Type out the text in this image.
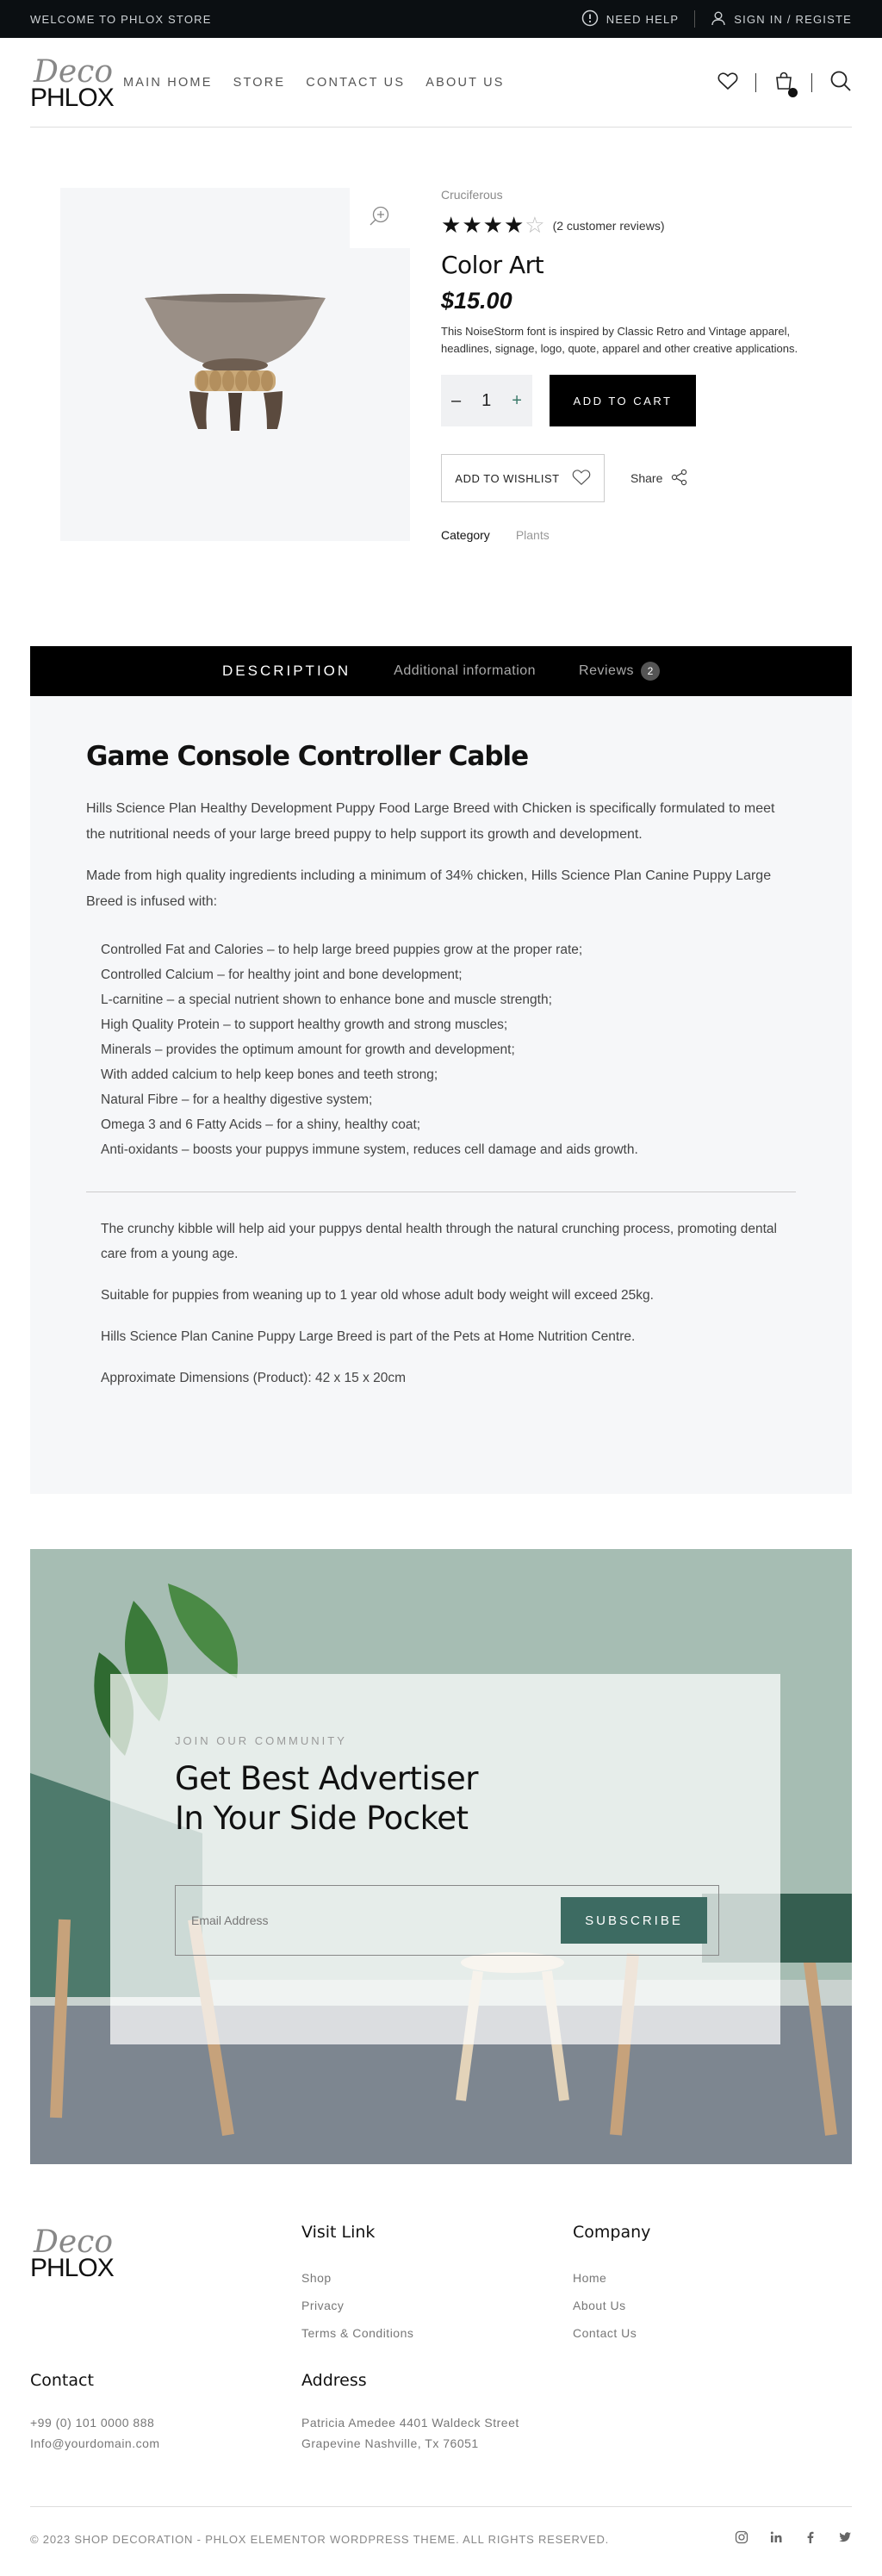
WELCOME TO PHLOX STORE	NEED HELP	SIGN IN / REGISTE
Deco
PHLOX
MAIN HOME STORE CONTACT US ABOUT US
Cruciferous
★★★★☆ (2 customer reviews)
Color Art
$15.00
This NoiseStorm font is inspired by Classic Retro and Vintage apparel, headlines, signage, logo, quote, apparel and other creative applications.
– 1 +	ADD TO CART
ADD TO WISHLIST	Share
Category Plants
DESCRIPTION	Additional information	Reviews	2
Game Console Controller Cable

Hills Science Plan Healthy Development Puppy Food Large Breed with Chicken is specifically formulated to meet the nutritional needs of your large breed puppy to help support its growth and development.

Made from high quality ingredients including a minimum of 34% chicken, Hills Science Plan Canine Puppy Large Breed is infused with:

Controlled Fat and Calories – to help large breed puppies grow at the proper rate;
Controlled Calcium – for healthy joint and bone development;
L-carnitine – a special nutrient shown to enhance bone and muscle strength;
High Quality Protein – to support healthy growth and strong muscles;
Minerals – provides the optimum amount for growth and development;
With added calcium to help keep bones and teeth strong;
Natural Fibre – for a healthy digestive system;
Omega 3 and 6 Fatty Acids – for a shiny, healthy coat;
Anti-oxidants – boosts your puppys immune system, reduces cell damage and aids growth.

The crunchy kibble will help aid your puppys dental health through the natural crunching process, promoting dental care from a young age.

Suitable for puppies from weaning up to 1 year old whose adult body weight will exceed 25kg.

Hills Science Plan Canine Puppy Large Breed is part of the Pets at Home Nutrition Centre.

Approximate Dimensions (Product): 42 x 15 x 20cm

JOIN OUR COMMUNITY
Get Best Advertiser In Your Side Pocket
Email Address
SUBSCRIBE
Deco
PHLOX
Visit Link
Shop
Privacy
Terms & Conditions
Company
Home
About Us
Contact Us
Contact
+99 (0) 101 0000 888
Info@yourdomain.com
Address
Patricia Amedee 4401 Waldeck Street
Grapevine Nashville, Tx 76051
© 2023 SHOP DECORATION - PHLOX ELEMENTOR WORDPRESS THEME. ALL RIGHTS RESERVED.
